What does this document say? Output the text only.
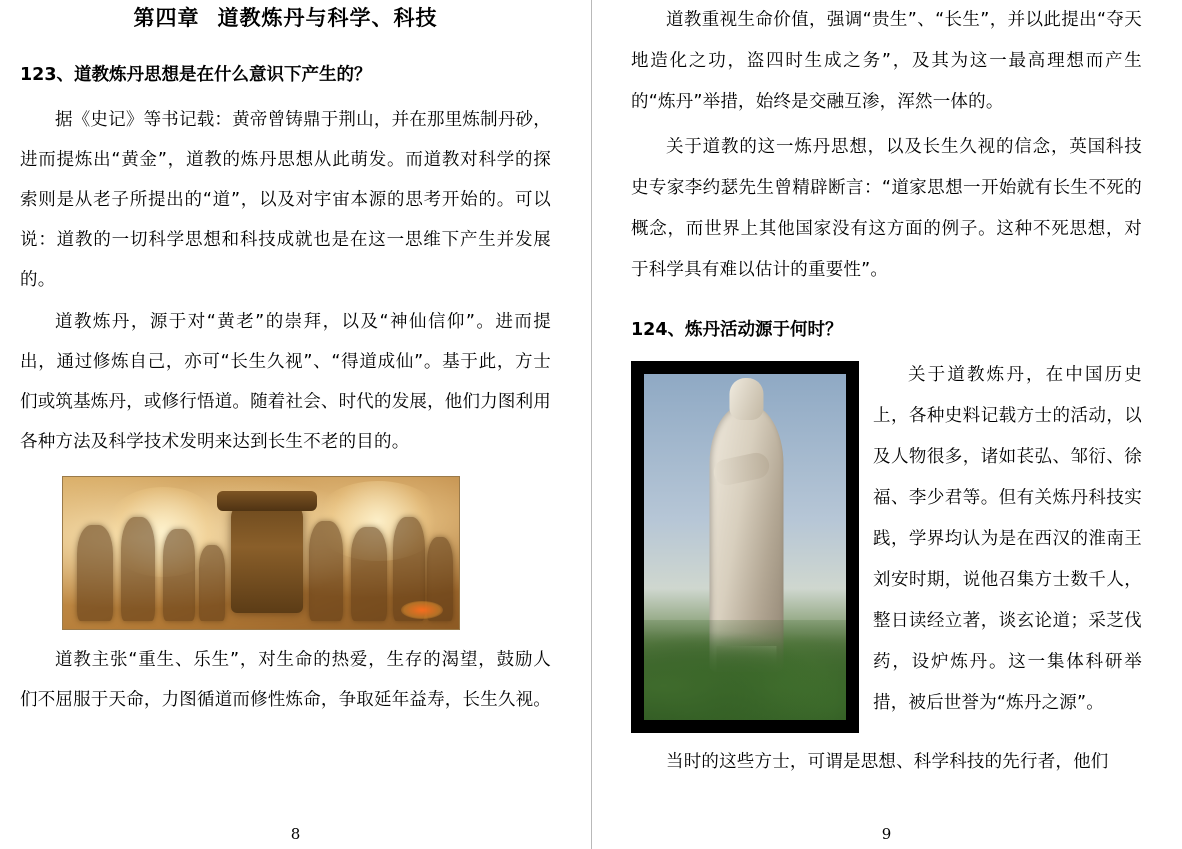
第四章 道教炼丹与科学、科技
123、道教炼丹思想是在什么意识下产生的？

据《史记》等书记载：黄帝曾铸鼎于荆山，并在那里炼制丹砂，进而提炼出“黄金”，道教的炼丹思想从此萌发。而道教对科学的探索则是从老子所提出的“道”，以及对宇宙本源的思考开始的。可以说：道教的一切科学思想和科技成就也是在这一思维下产生并发展的。

道教炼丹，源于对“黄老”的崇拜，以及“神仙信仰”。进而提出，通过修炼自己，亦可“长生久视”、“得道成仙”。基于此，方士们或筑基炼丹，或修行悟道。随着社会、时代的发展，他们力图利用各种方法及科学技术发明来达到长生不老的目的。

道教主张“重生、乐生”，对生命的热爱，生存的渴望，鼓励人们不屈服于天命，力图循道而修性炼命，争取延年益寿，长生久视。

8

道教重视生命价值，强调“贵生”、“长生”，并以此提出“夺天地造化之功，盗四时生成之务”，及其为这一最高理想而产生的“炼丹”举措，始终是交融互渗，浑然一体的。

关于道教的这一炼丹思想，以及长生久视的信念，英国科技史专家李约瑟先生曾精辟断言：“道家思想一开始就有长生不死的概念，而世界上其他国家没有这方面的例子。这种不死思想，对于科学具有难以估计的重要性”。

124、炼丹活动源于何时？

关于道教炼丹，在中国历史上，各种史料记载方士的活动，以及人物很多，诸如苌弘、邹衍、徐福、李少君等。但有关炼丹科技实践，学界均认为是在西汉的淮南王刘安时期，说他召集方士数千人，整日读经立著，谈玄论道；采芝伐药，设炉炼丹。这一集体科研举措，被后世誉为“炼丹之源”。

当时的这些方士，可谓是思想、科学科技的先行者，他们

9
